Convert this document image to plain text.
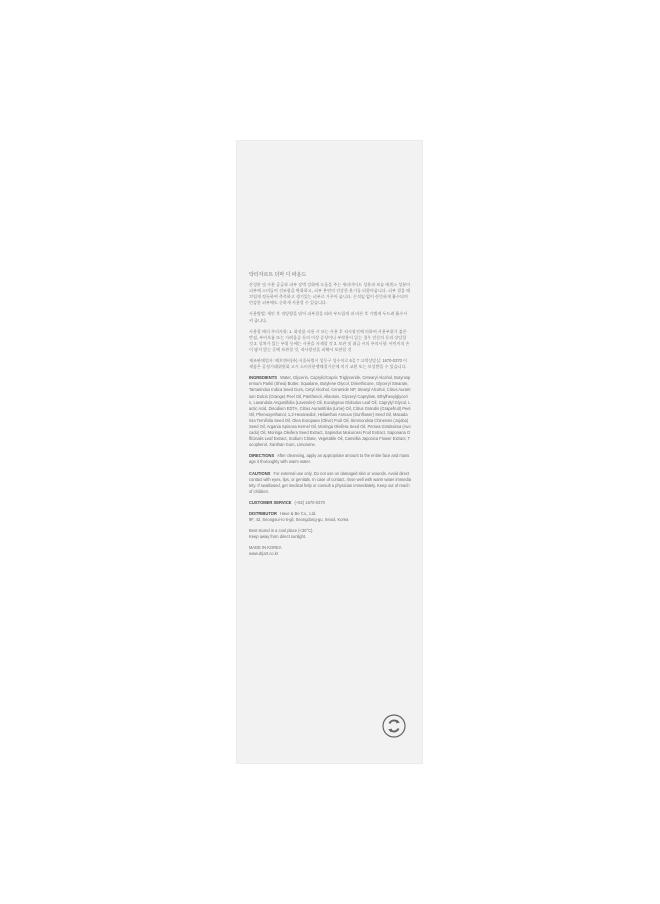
닥터자르트 더마 디 파운드

산성분 및 수분 공급과 피부 장벽 강화에 도움을 주는 세라마이드 성분과 보습 에센스 성분이 피부에 스며들어 건조함을 완화하고, 피부 본연의 건강한 윤기를 되찾아줍니다. 피부 결을 매끄럽게 정돈하여 촉촉하고 생기있는 피부로 가꾸어 줍니다. 끈적임 없이 산뜻하게 흡수되며 민감한 피부에도 순하게 사용할 수 있습니다.

사용방법: 세안 후 적당량을 덜어 피부결을 따라 부드럽게 펴 바른 후 가볍게 두드려 흡수시켜 줍니다.

사용할 때의 주의사항: 1. 화장품 사용 시 또는 사용 후 직사광선에 의하여 사용부위가 붉은 반점, 부어오름 또는 가려움증 등의 이상 증상이나 부작용이 있는 경우 전문의 등과 상담할 것 2. 상처가 있는 부위 등에는 사용을 자제할 것 3. 보관 및 취급 시의 주의사항: 어린이의 손이 닿지 않는 곳에 보관할 것, 직사광선을 피해서 보관할 것

제조판매업자: 해브앤비(주) 서울특별시 성동구 성수이로 6길 7 고객상담실: 1670-0370 이 제품은 공정거래위원회 고시 소비자분쟁해결기준에 의거 교환 또는 보상받을 수 있습니다.

INGREDIENTS Water, Glycerin, Caprylic/Capric Triglyceride, Cetearyl Alcohol, Butyrospermum Parkii (Shea) Butter, Squalane, Butylene Glycol, Dimethicone, Glyceryl Stearate, Tamarindus Indica Seed Gum, Cetyl Alcohol, Ceramide NP, Stearyl Alcohol, Citrus Aurantium Dulcis (Orange) Peel Oil, Panthenol, Allantoin, Glyceryl Caprylate, Ethylhexylglycerin, Lavandula Angustifolia (Lavender) Oil, Eucalyptus Globulus Leaf Oil, Caprylyl Glycol, Lactic Acid, Disodium EDTA, Citrus Aurantifolia (Lime) Oil, Citrus Grandis (Grapefruit) Peel Oil, Phenoxyethanol, 1,2-Hexanediol, Helianthus Annuus (Sunflower) Seed Oil, Macadamia Ternifolia Seed Oil, Olea Europaea (Olive) Fruit Oil, Simmondsia Chinensis (Jojoba) Seed Oil, Argania Spinosa Kernel Oil, Moringa Oleifera Seed Oil, Persea Gratissima (Avocado) Oil, Moringa Oleifera Seed Extract, Sapindus Mukurossi Fruit Extract, Saponaria Officinalis Leaf Extract, Sodium Citrate, Vegetable Oil, Camellia Japonica Flower Extract, Tocopherol, Xanthan Gum, Limonene.

DIRECTIONS After cleansing, apply an appropriate amount to the entire face and massage it thoroughly with warm water.

CAUTIONS For external use only. Do not use on damaged skin or wounds. Avoid direct contact with eyes, lips, or genitals. In case of contact, rinse well with warm water immediately. If swallowed, get medical help or consult a physician immediately. Keep out of reach of children.

CUSTOMER SERVICE (+82) 1670-0370

DISTRIBUTOR Have & Be Co., Ltd.
9F, 42, Seongsui-ro 6-gil, Seongdong-gu, Seoul, Korea

Best stored in a cool place (<30°C).
Keep away from direct sunlight.

MADE IN KOREA
www.drjart.co.kr
